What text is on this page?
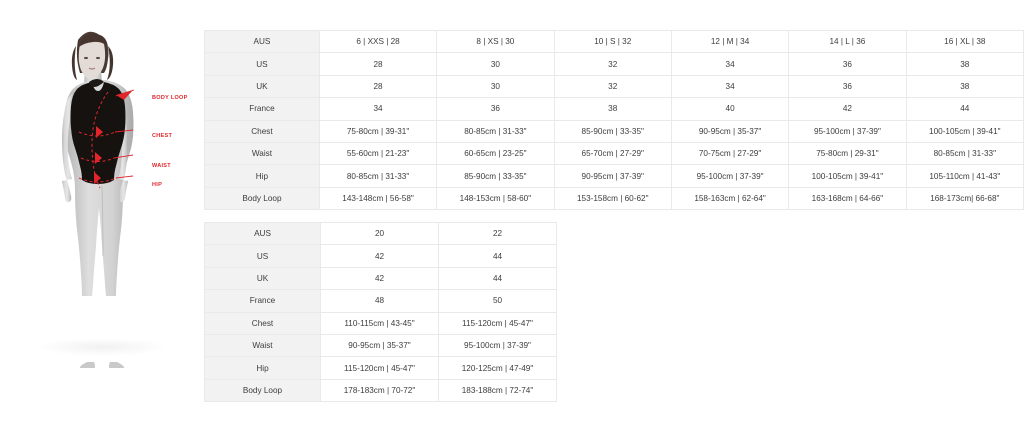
BODY LOOP
CHEST
WAIST
HIP
AUS	6 | XXS | 28	8 | XS | 30	10 | S | 32	12 | M | 34	14 | L | 36	16 | XL | 38
US	28	30	32	34	36	38
UK	28	30	32	34	36	38
France	34	36	38	40	42	44
Chest	75-80cm | 39-31"	80-85cm | 31-33"	85-90cm | 33-35"	90-95cm | 35-37"	95-100cm | 37-39"	100-105cm | 39-41"
Waist	55-60cm | 21-23"	60-65cm | 23-25"	65-70cm | 27-29"	70-75cm | 27-29"	75-80cm | 29-31"	80-85cm | 31-33"
Hip	80-85cm | 31-33"	85-90cm | 33-35"	90-95cm | 37-39"	95-100cm | 37-39"	100-105cm | 39-41"	105-110cm | 41-43"
Body Loop	143-148cm | 56-58"	148-153cm | 58-60"	153-158cm | 60-62"	158-163cm | 62-64"	163-168cm | 64-66"	168-173cm| 66-68"
AUS	20	22
US	42	44
UK	42	44
France	48	50
Chest	110-115cm | 43-45"	115-120cm | 45-47"
Waist	90-95cm | 35-37"	95-100cm | 37-39"
Hip	115-120cm | 45-47"	120-125cm | 47-49"
Body Loop	178-183cm | 70-72"	183-188cm | 72-74"
